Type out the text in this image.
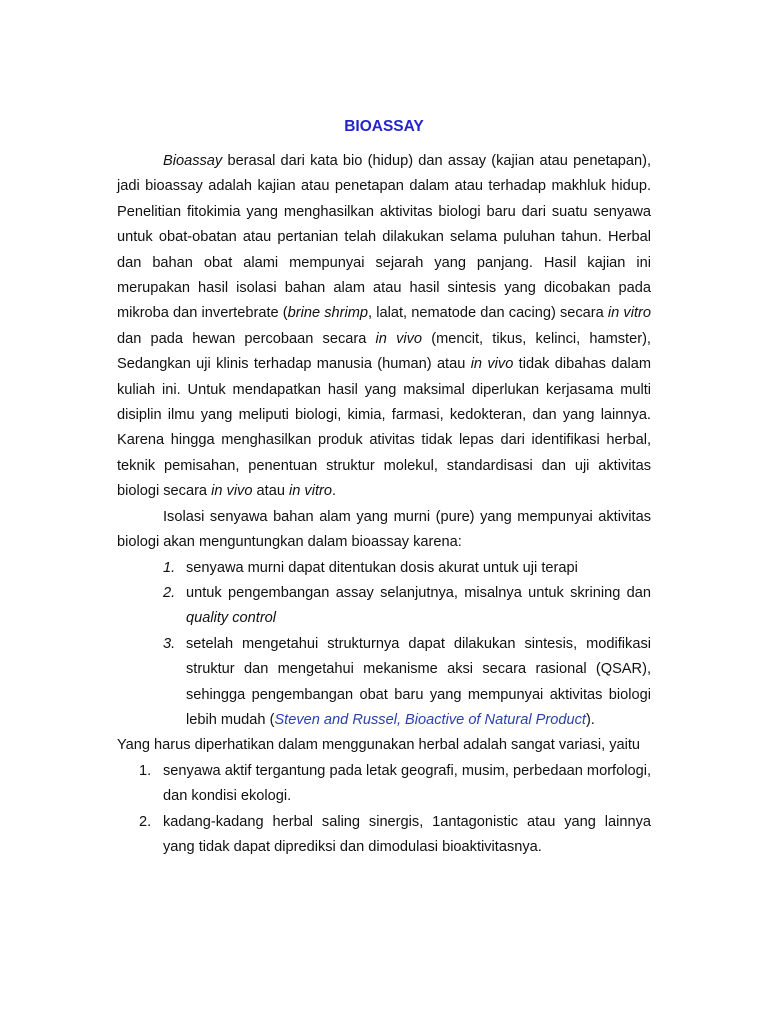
BIOASSAY

Bioassay berasal dari kata bio (hidup) dan assay (kajian atau penetapan), jadi bioassay adalah kajian atau penetapan dalam atau terhadap makhluk hidup. Penelitian fitokimia yang menghasilkan aktivitas biologi baru dari suatu senyawa untuk obat-obatan atau pertanian telah dilakukan selama puluhan tahun. Herbal dan bahan obat alami mempunyai sejarah yang panjang. Hasil kajian ini merupakan hasil isolasi bahan alam atau hasil sintesis yang dicobakan pada mikroba dan invertebrate (brine shrimp, lalat, nematode dan cacing) secara in vitro dan pada hewan percobaan secara in vivo (mencit, tikus, kelinci, hamster), Sedangkan uji klinis terhadap manusia (human) atau in vivo tidak dibahas dalam kuliah ini. Untuk mendapatkan hasil yang maksimal diperlukan kerjasama multi disiplin ilmu yang meliputi biologi, kimia, farmasi, kedokteran, dan yang lainnya. Karena hingga menghasilkan produk ativitas tidak lepas dari identifikasi herbal, teknik pemisahan, penentuan struktur molekul, standardisasi dan uji aktivitas biologi secara in vivo atau in vitro.

Isolasi senyawa bahan alam yang murni (pure) yang mempunyai aktivitas biologi akan menguntungkan dalam bioassay karena:

1. senyawa murni dapat ditentukan dosis akurat untuk uji terapi
2. untuk pengembangan assay selanjutnya, misalnya untuk skrining dan quality control
3. setelah mengetahui strukturnya dapat dilakukan sintesis, modifikasi struktur dan mengetahui mekanisme aksi secara rasional (QSAR), sehingga pengembangan obat baru yang mempunyai aktivitas biologi lebih mudah (Steven and Russel, Bioactive of Natural Product).

Yang harus diperhatikan dalam menggunakan herbal adalah sangat variasi, yaitu

1. senyawa aktif tergantung pada letak geografi, musim, perbedaan morfologi, dan kondisi ekologi.
2. kadang-kadang herbal saling sinergis, 1antagonistic atau yang lainnya yang tidak dapat diprediksi dan dimodulasi bioaktivitasnya.
